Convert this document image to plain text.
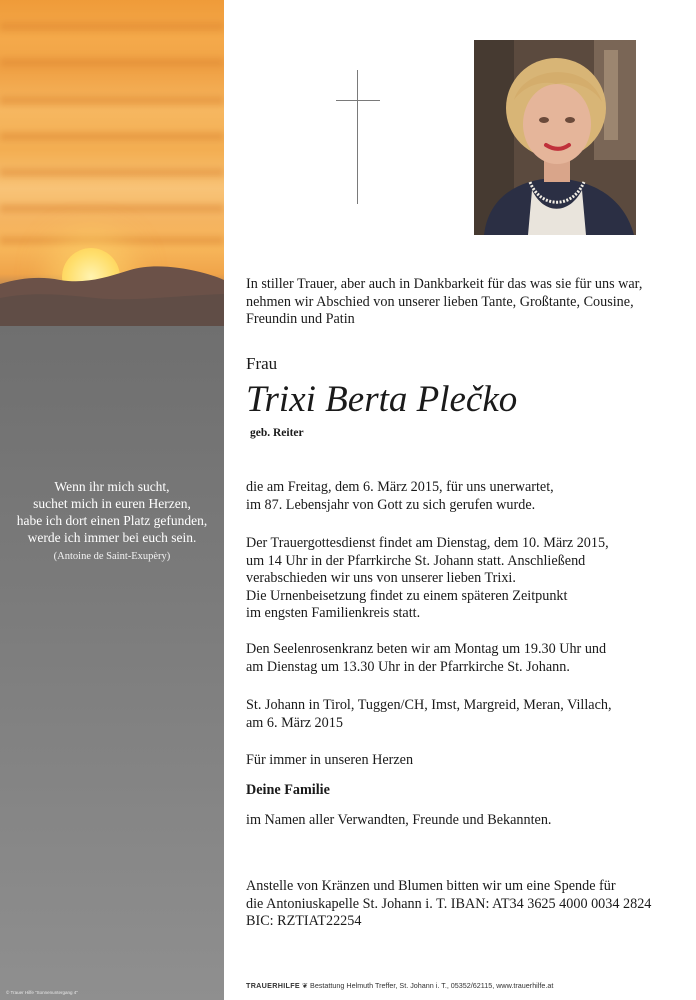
Wenn ihr mich sucht,
suchet mich in euren Herzen,
habe ich dort einen Platz gefunden,
werde ich immer bei euch sein.
(Antoine de Saint-Exupèry)
© Trauer Hilfe "Sonnenuntergang 4"
In stiller Trauer, aber auch in Dankbarkeit für das was sie für uns war,
nehmen wir Abschied von unserer lieben Tante, Großtante, Cousine,
Freundin und Patin
Frau
Trixi Berta Plečko
geb. Reiter
die am Freitag, dem 6. März 2015, für uns unerwartet,
im 87. Lebensjahr von Gott zu sich gerufen wurde.
Der Trauergottesdienst findet am Dienstag, dem 10. März 2015,
um 14 Uhr in der Pfarrkirche St. Johann statt. Anschließend
verabschieden wir uns von unserer lieben Trixi.
Die Urnenbeisetzung findet zu einem späteren Zeitpunkt
im engsten Familienkreis statt.
Den Seelenrosenkranz beten wir am Montag um 19.30 Uhr und
am Dienstag um 13.30 Uhr in der Pfarrkirche St. Johann.
St. Johann in Tirol, Tuggen/CH, Imst, Margreid, Meran, Villach,
am 6. März 2015
Für immer in unseren Herzen
Deine Familie
im Namen aller Verwandten, Freunde und Bekannten.
Anstelle von Kränzen und Blumen bitten wir um eine Spende für
die Antoniuskapelle St. Johann i. T. IBAN: AT34 3625 4000 0034 2824
BIC: RZTIAT22254
TRAUERHILFE ❦ Bestattung Helmuth Treffer, St. Johann i. T., 05352/62115, www.trauerhilfe.at
